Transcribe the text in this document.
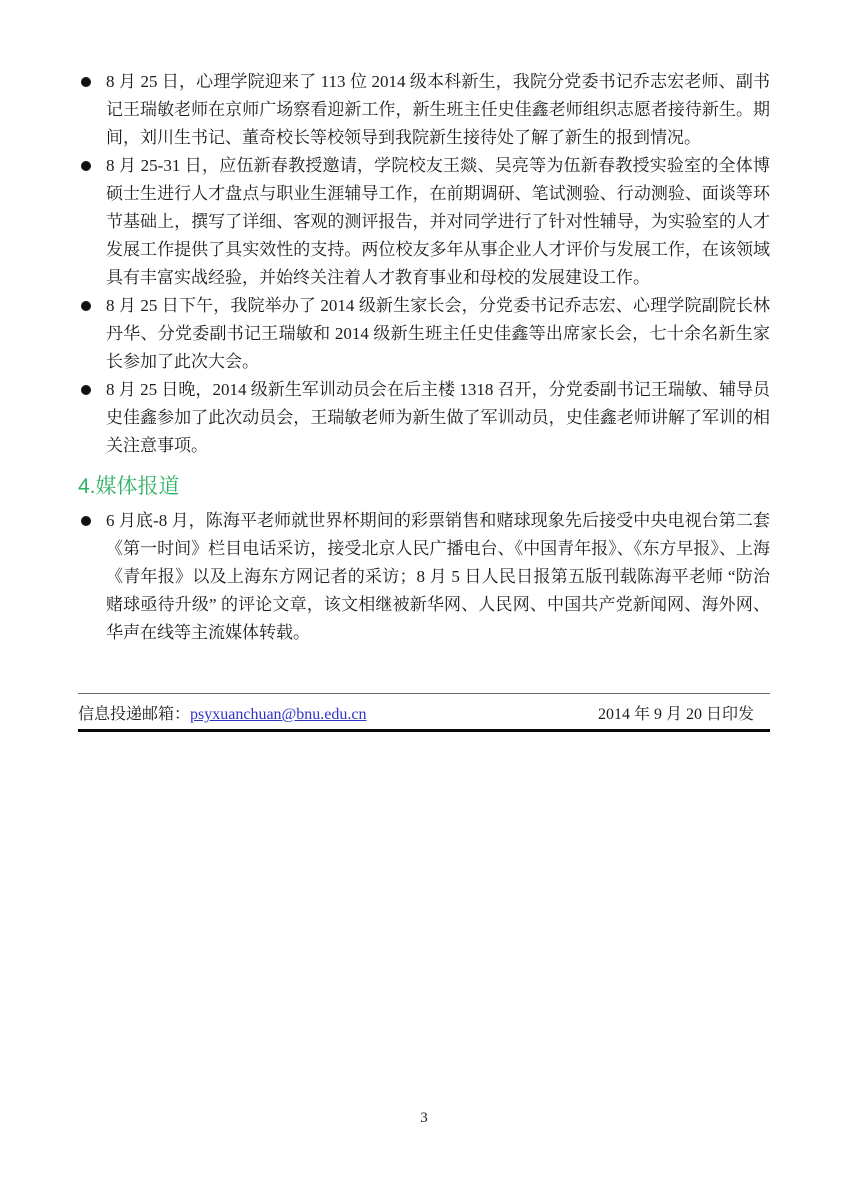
8 月 25 日，心理学院迎来了 113 位 2014 级本科新生，我院分党委书记乔志宏老师、副书记王瑞敏老师在京师广场察看迎新工作，新生班主任史佳鑫老师组织志愿者接待新生。期间，刘川生书记、董奇校长等校领导到我院新生接待处了解了新生的报到情况。
8 月 25-31 日，应伍新春教授邀请，学院校友王燚、吴亮等为伍新春教授实验室的全体博硕士生进行人才盘点与职业生涯辅导工作，在前期调研、笔试测验、行动测验、面谈等环节基础上，撰写了详细、客观的测评报告，并对同学进行了针对性辅导，为实验室的人才发展工作提供了具实效性的支持。两位校友多年从事企业人才评价与发展工作，在该领域具有丰富实战经验，并始终关注着人才教育事业和母校的发展建设工作。
8 月 25 日下午，我院举办了 2014 级新生家长会，分党委书记乔志宏、心理学院副院长林丹华、分党委副书记王瑞敏和 2014 级新生班主任史佳鑫等出席家长会，七十余名新生家长参加了此次大会。
8 月 25 日晚，2014 级新生军训动员会在后主楼 1318 召开，分党委副书记王瑞敏、辅导员史佳鑫参加了此次动员会，王瑞敏老师为新生做了军训动员，史佳鑫老师讲解了军训的相关注意事项。
4.媒体报道
6 月底-8 月，陈海平老师就世界杯期间的彩票销售和赌球现象先后接受中央电视台第二套《第一时间》栏目电话采访，接受北京人民广播电台、《中国青年报》、《东方早报》、上海《青年报》以及上海东方网记者的采访；8 月 5 日人民日报第五版刊载陈海平老师 “防治赌球亟待升级” 的评论文章，该文相继被新华网、人民网、中国共产党新闻网、海外网、华声在线等主流媒体转载。
信息投递邮箱：psyxuanchuan@bnu.edu.cn	2014 年 9 月 20 日印发
3
